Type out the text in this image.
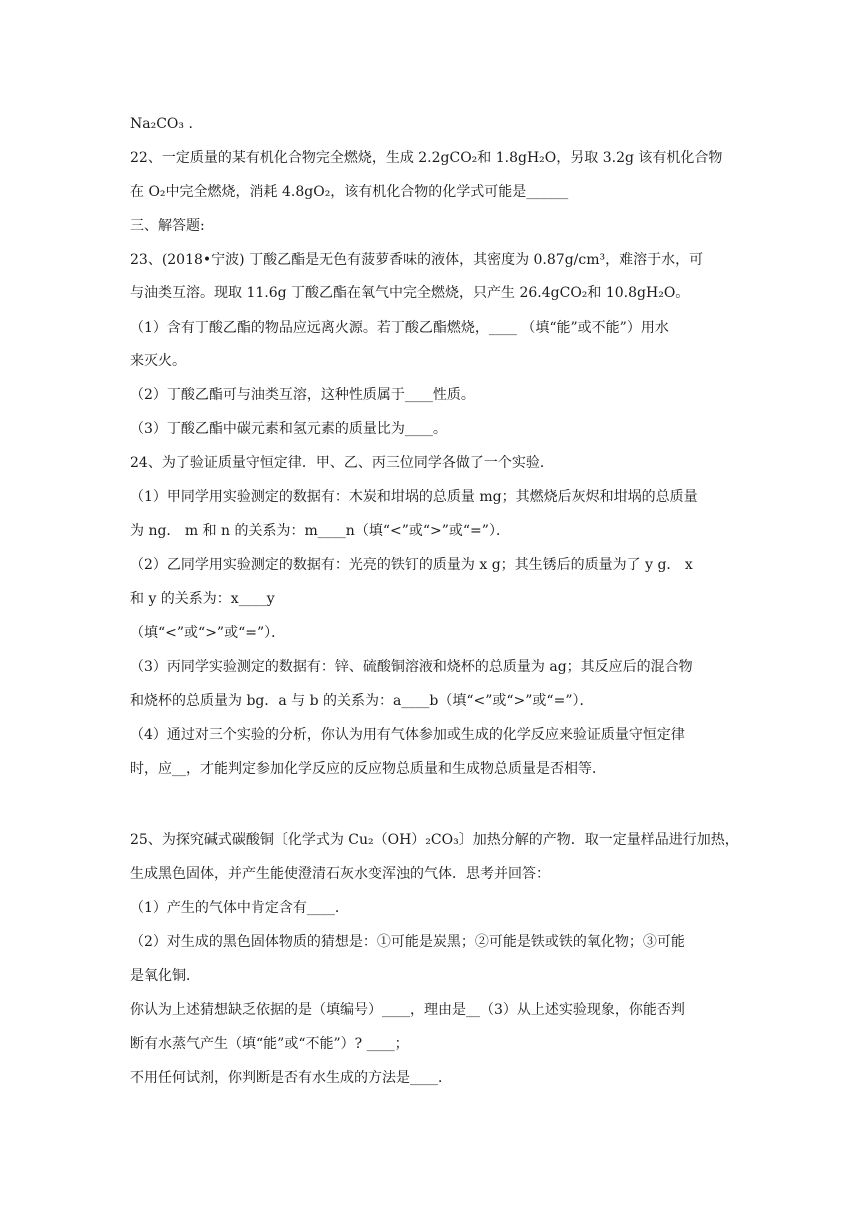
Na₂CO₃ .
22、一定质量的某有机化合物完全燃烧，生成 2.2gCO₂和 1.8gH₂O，另取 3.2g 该有机化合物
在 O₂中完全燃烧，消耗 4.8gO₂，该有机化合物的化学式可能是______
三、解答题:
23、(2018•宁波) 丁酸乙酯是无色有菠萝香味的液体，其密度为 0.87g/cm³，难溶于水，可
与油类互溶。现取 11.6g 丁酸乙酯在氧气中完全燃烧，只产生 26.4gCO₂和 10.8gH₂O。
（1）含有丁酸乙酯的物品应远离火源。若丁酸乙酯燃烧，____ （填“能”或不能”）用水
来灭火。
（2）丁酸乙酯可与油类互溶，这种性质属于____性质。
（3）丁酸乙酯中碳元素和氢元素的质量比为____。
24、为了验证质量守恒定律．甲、乙、丙三位同学各做了一个实验．
（1）甲同学用实验测定的数据有：木炭和坩埚的总质量 mg；其燃烧后灰烬和坩埚的总质量
为 ng． m 和 n 的关系为：m____n（填“<”或“>”或“=”）．
（2）乙同学用实验测定的数据有：光亮的铁钉的质量为 x g；其生锈后的质量为了 y g． x
和 y 的关系为：x____y
（填“<”或“>”或“=”）．
（3）丙同学实验测定的数据有：锌、硫酸铜溶液和烧杯的总质量为 ag；其反应后的混合物
和烧杯的总质量为 bg．a 与 b 的关系为：a____b（填“<”或“>”或“=”）．
（4）通过对三个实验的分析，你认为用有气体参加或生成的化学反应来验证质量守恒定律
时，应__，才能判定参加化学反应的反应物总质量和生成物总质量是否相等．
25、为探究碱式碳酸铜〔化学式为 Cu₂（OH）₂CO₃〕加热分解的产物．取一定量样品进行加热，
生成黑色固体，并产生能使澄清石灰水变浑浊的气体．思考并回答：
（1）产生的气体中肯定含有____．
（2）对生成的黑色固体物质的猜想是：①可能是炭黑；②可能是铁或铁的氧化物；③可能
是氧化铜．
你认为上述猜想缺乏依据的是（填编号）____，理由是__（3）从上述实验现象，你能否判
断有水蒸气产生（填“能”或“不能”）? ____；
不用任何试剂，你判断是否有水生成的方法是____．
